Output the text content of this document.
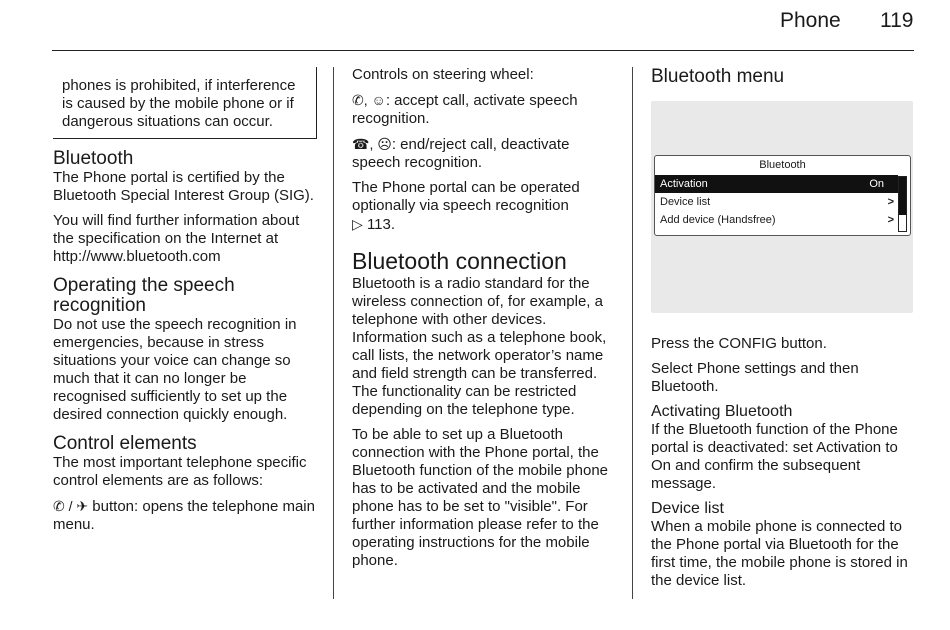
Phone 119

phones is prohibited, if interference is caused by the mobile phone or if dangerous situations can occur.

Bluetooth

The Phone portal is certified by the Bluetooth Special Interest Group (SIG).

You will find further information about the specification on the Internet at http://www.bluetooth.com

Operating the speech recognition

Do not use the speech recognition in emergencies, because in stress situations your voice can change so much that it can no longer be recognised sufficiently to set up the desired connection quickly enough.

Control elements

The most important telephone specific control elements are as follows:

✆ / ✈ button: opens the telephone main menu.

Controls on steering wheel:

✆, ☺: accept call, activate speech recognition.

☎, ☹: end/reject call, deactivate speech recognition.

The Phone portal can be operated optionally via speech recognition
▷ 113.

Bluetooth connection

Bluetooth is a radio standard for the wireless connection of, for example, a telephone with other devices. Information such as a telephone book, call lists, the network operator’s name and field strength can be transferred. The functionality can be restricted depending on the telephone type.

To be able to set up a Bluetooth connection with the Phone portal, the Bluetooth function of the mobile phone has to be activated and the mobile phone has to be set to "visible". For further information please refer to the operating instructions for the mobile phone.

Bluetooth menu
Bluetooth
Activation	On
Device list	>
Add device (Handsfree)	>

Press the CONFIG button.

Select Phone settings and then Bluetooth.

Activating Bluetooth

If the Bluetooth function of the Phone portal is deactivated: set Activation to On and confirm the subsequent message.

Device list

When a mobile phone is connected to the Phone portal via Bluetooth for the first time, the mobile phone is stored in the device list.
